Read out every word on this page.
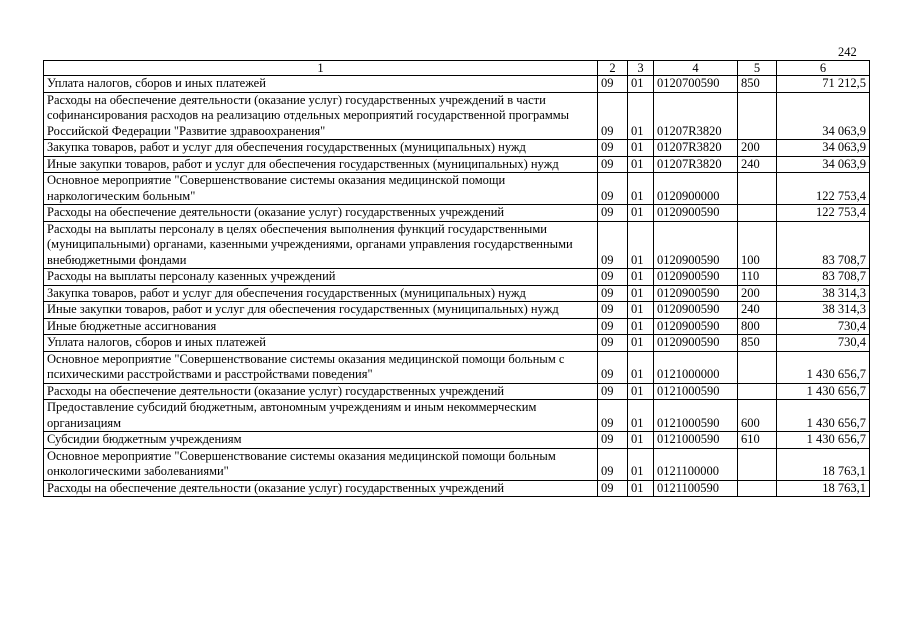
242
1	2	3	4	5	6
Уплата налогов, сборов и иных платежей	09	01	0120700590	850	71 212,5
Расходы на обеспечение деятельности (оказание услуг) государственных учреждений в части софинансирования расходов на реализацию отдельных мероприятий государственной программы Российской Федерации "Развитие здравоохранения"	09	01	01207R3820		34 063,9
Закупка товаров, работ и услуг для обеспечения государственных (муниципальных) нужд	09	01	01207R3820	200	34 063,9
Иные закупки товаров, работ и услуг для обеспечения государственных (муниципальных) нужд	09	01	01207R3820	240	34 063,9
Основное мероприятие "Совершенствование системы оказания медицинской помощи наркологическим больным"	09	01	0120900000		122 753,4
Расходы на обеспечение деятельности (оказание услуг) государственных учреждений	09	01	0120900590		122 753,4
Расходы на выплаты персоналу в целях обеспечения выполнения функций государственными (муниципальными) органами, казенными учреждениями, органами управления государственными внебюджетными фондами	09	01	0120900590	100	83 708,7
Расходы на выплаты персоналу казенных учреждений	09	01	0120900590	110	83 708,7
Закупка товаров, работ и услуг для обеспечения государственных (муниципальных) нужд	09	01	0120900590	200	38 314,3
Иные закупки товаров, работ и услуг для обеспечения государственных (муниципальных) нужд	09	01	0120900590	240	38 314,3
Иные бюджетные ассигнования	09	01	0120900590	800	730,4
Уплата налогов, сборов и иных платежей	09	01	0120900590	850	730,4
Основное мероприятие "Совершенствование системы оказания медицинской помощи больным с психическими расстройствами и расстройствами поведения"	09	01	0121000000		1 430 656,7
Расходы на обеспечение деятельности (оказание услуг) государственных учреждений	09	01	0121000590		1 430 656,7
Предоставление субсидий бюджетным, автономным учреждениям и иным некоммерческим организациям	09	01	0121000590	600	1 430 656,7
Субсидии бюджетным учреждениям	09	01	0121000590	610	1 430 656,7
Основное мероприятие "Совершенствование системы оказания медицинской помощи больным онкологическими заболеваниями"	09	01	0121100000		18 763,1
Расходы на обеспечение деятельности (оказание услуг) государственных учреждений	09	01	0121100590		18 763,1
